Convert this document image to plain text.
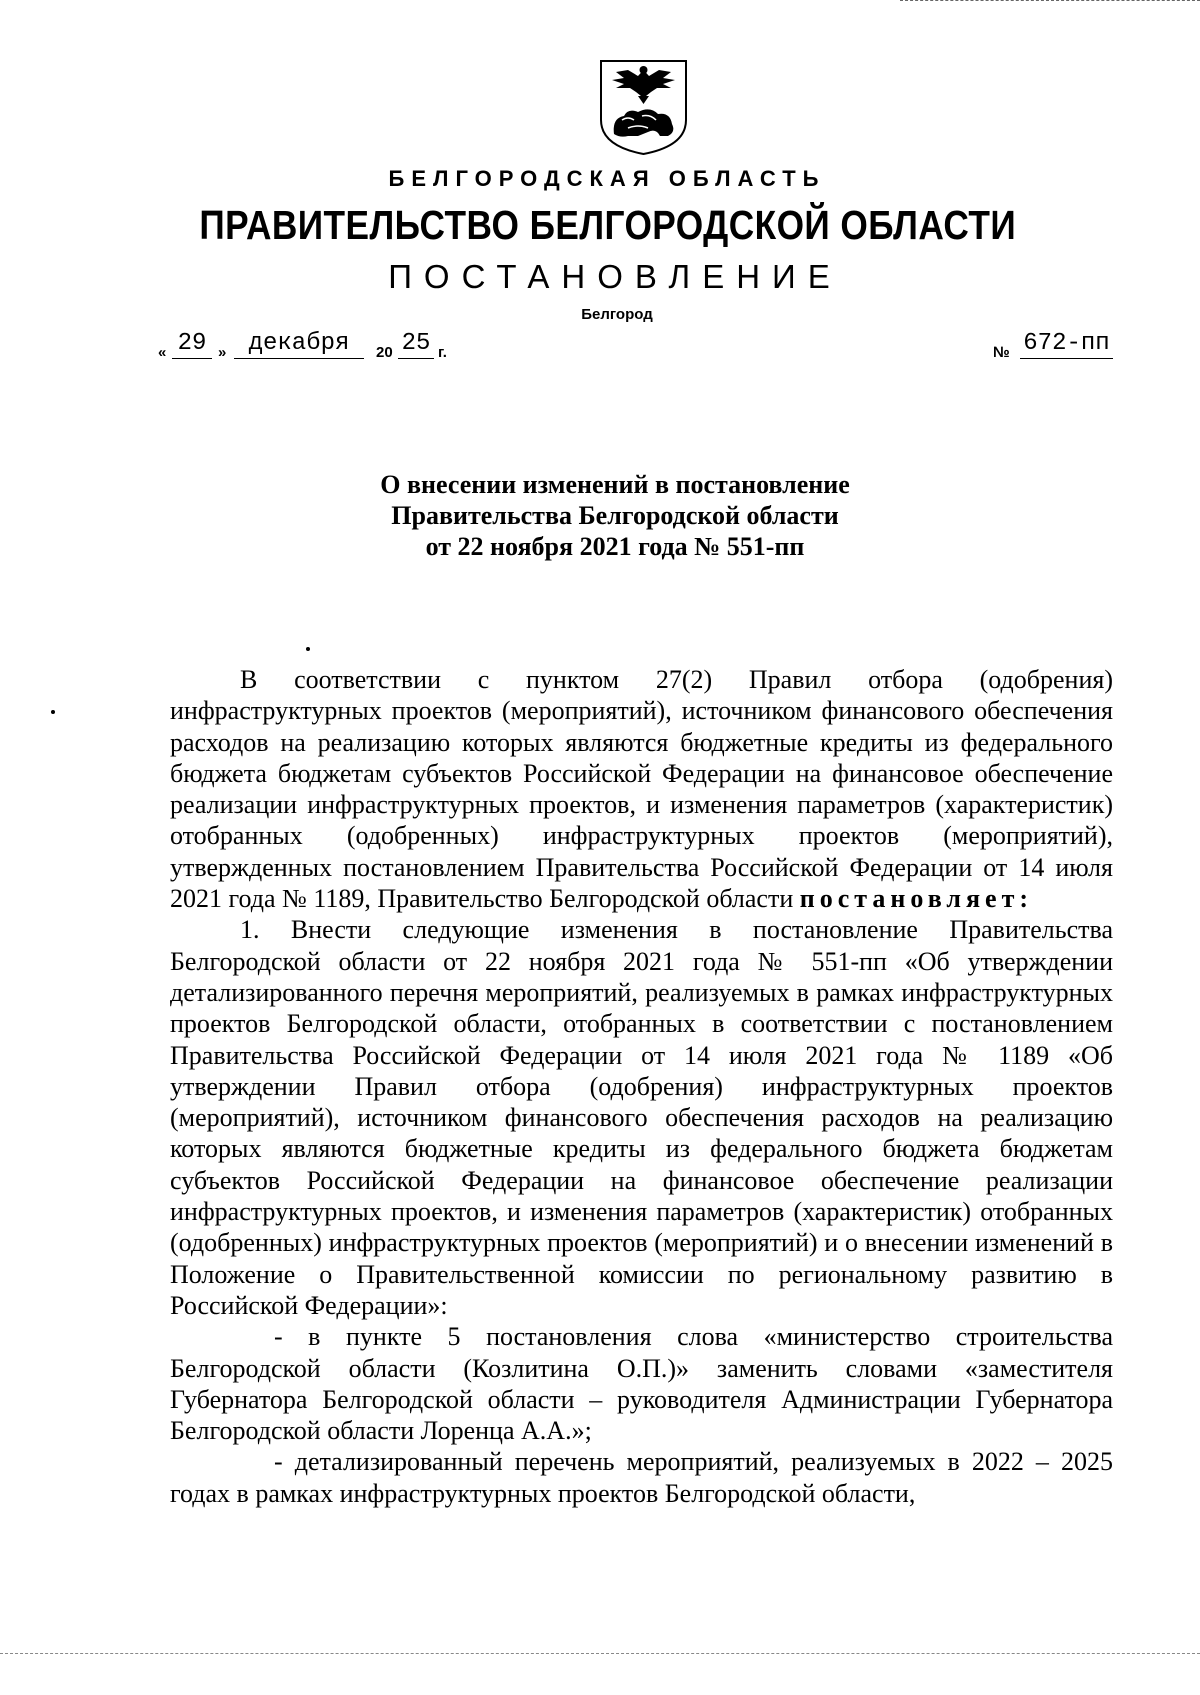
БЕЛГОРОДСКАЯ ОБЛАСТЬ
ПРАВИТЕЛЬСТВО БЕЛГОРОДСКОЙ ОБЛАСТИ
ПОСТАНОВЛЕНИЕ
Белгород
« 29 » декабря	20 25 г.	№ 672-пп
О внесении изменений в постановление
Правительства Белгородской области
от 22 ноября 2021 года № 551-пп

В соответствии с пунктом 27(2) Правил отбора (одобрения) инфраструктурных проектов (мероприятий), источником финансового обеспечения расходов на реализацию которых являются бюджетные кредиты из федерального бюджета бюджетам субъектов Российской Федерации на финансовое обеспечение реализации инфраструктурных проектов, и изменения параметров (характеристик) отобранных (одобренных) инфраструктурных проектов (мероприятий), утвержденных постановлением Правительства Российской Федерации от 14 июля 2021 года № 1189, Правительство Белгородской области постановляет:

1. Внести следующие изменения в постановление Правительства Белгородской области от 22 ноября 2021 года № 551-пп «Об утверждении детализированного перечня мероприятий, реализуемых в рамках инфраструктурных проектов Белгородской области, отобранных в соответствии с постановлением Правительства Российской Федерации от 14 июля 2021 года № 1189 «Об утверждении Правил отбора (одобрения) инфраструктурных проектов (мероприятий), источником финансового обеспечения расходов на реализацию которых являются бюджетные кредиты из федерального бюджета бюджетам субъектов Российской Федерации на финансовое обеспечение реализации инфраструктурных проектов, и изменения параметров (характеристик) отобранных (одобренных) инфраструктурных проектов (мероприятий) и о внесении изменений в Положение о Правительственной комиссии по региональному развитию в Российской Федерации»:

- в пункте 5 постановления слова «министерство строительства Белгородской области (Козлитина О.П.)» заменить словами «заместителя Губернатора Белгородской области – руководителя Администрации Губернатора Белгородской области Лоренца А.А.»;

- детализированный перечень мероприятий, реализуемых в 2022 – 2025 годах в рамках инфраструктурных проектов Белгородской области,
